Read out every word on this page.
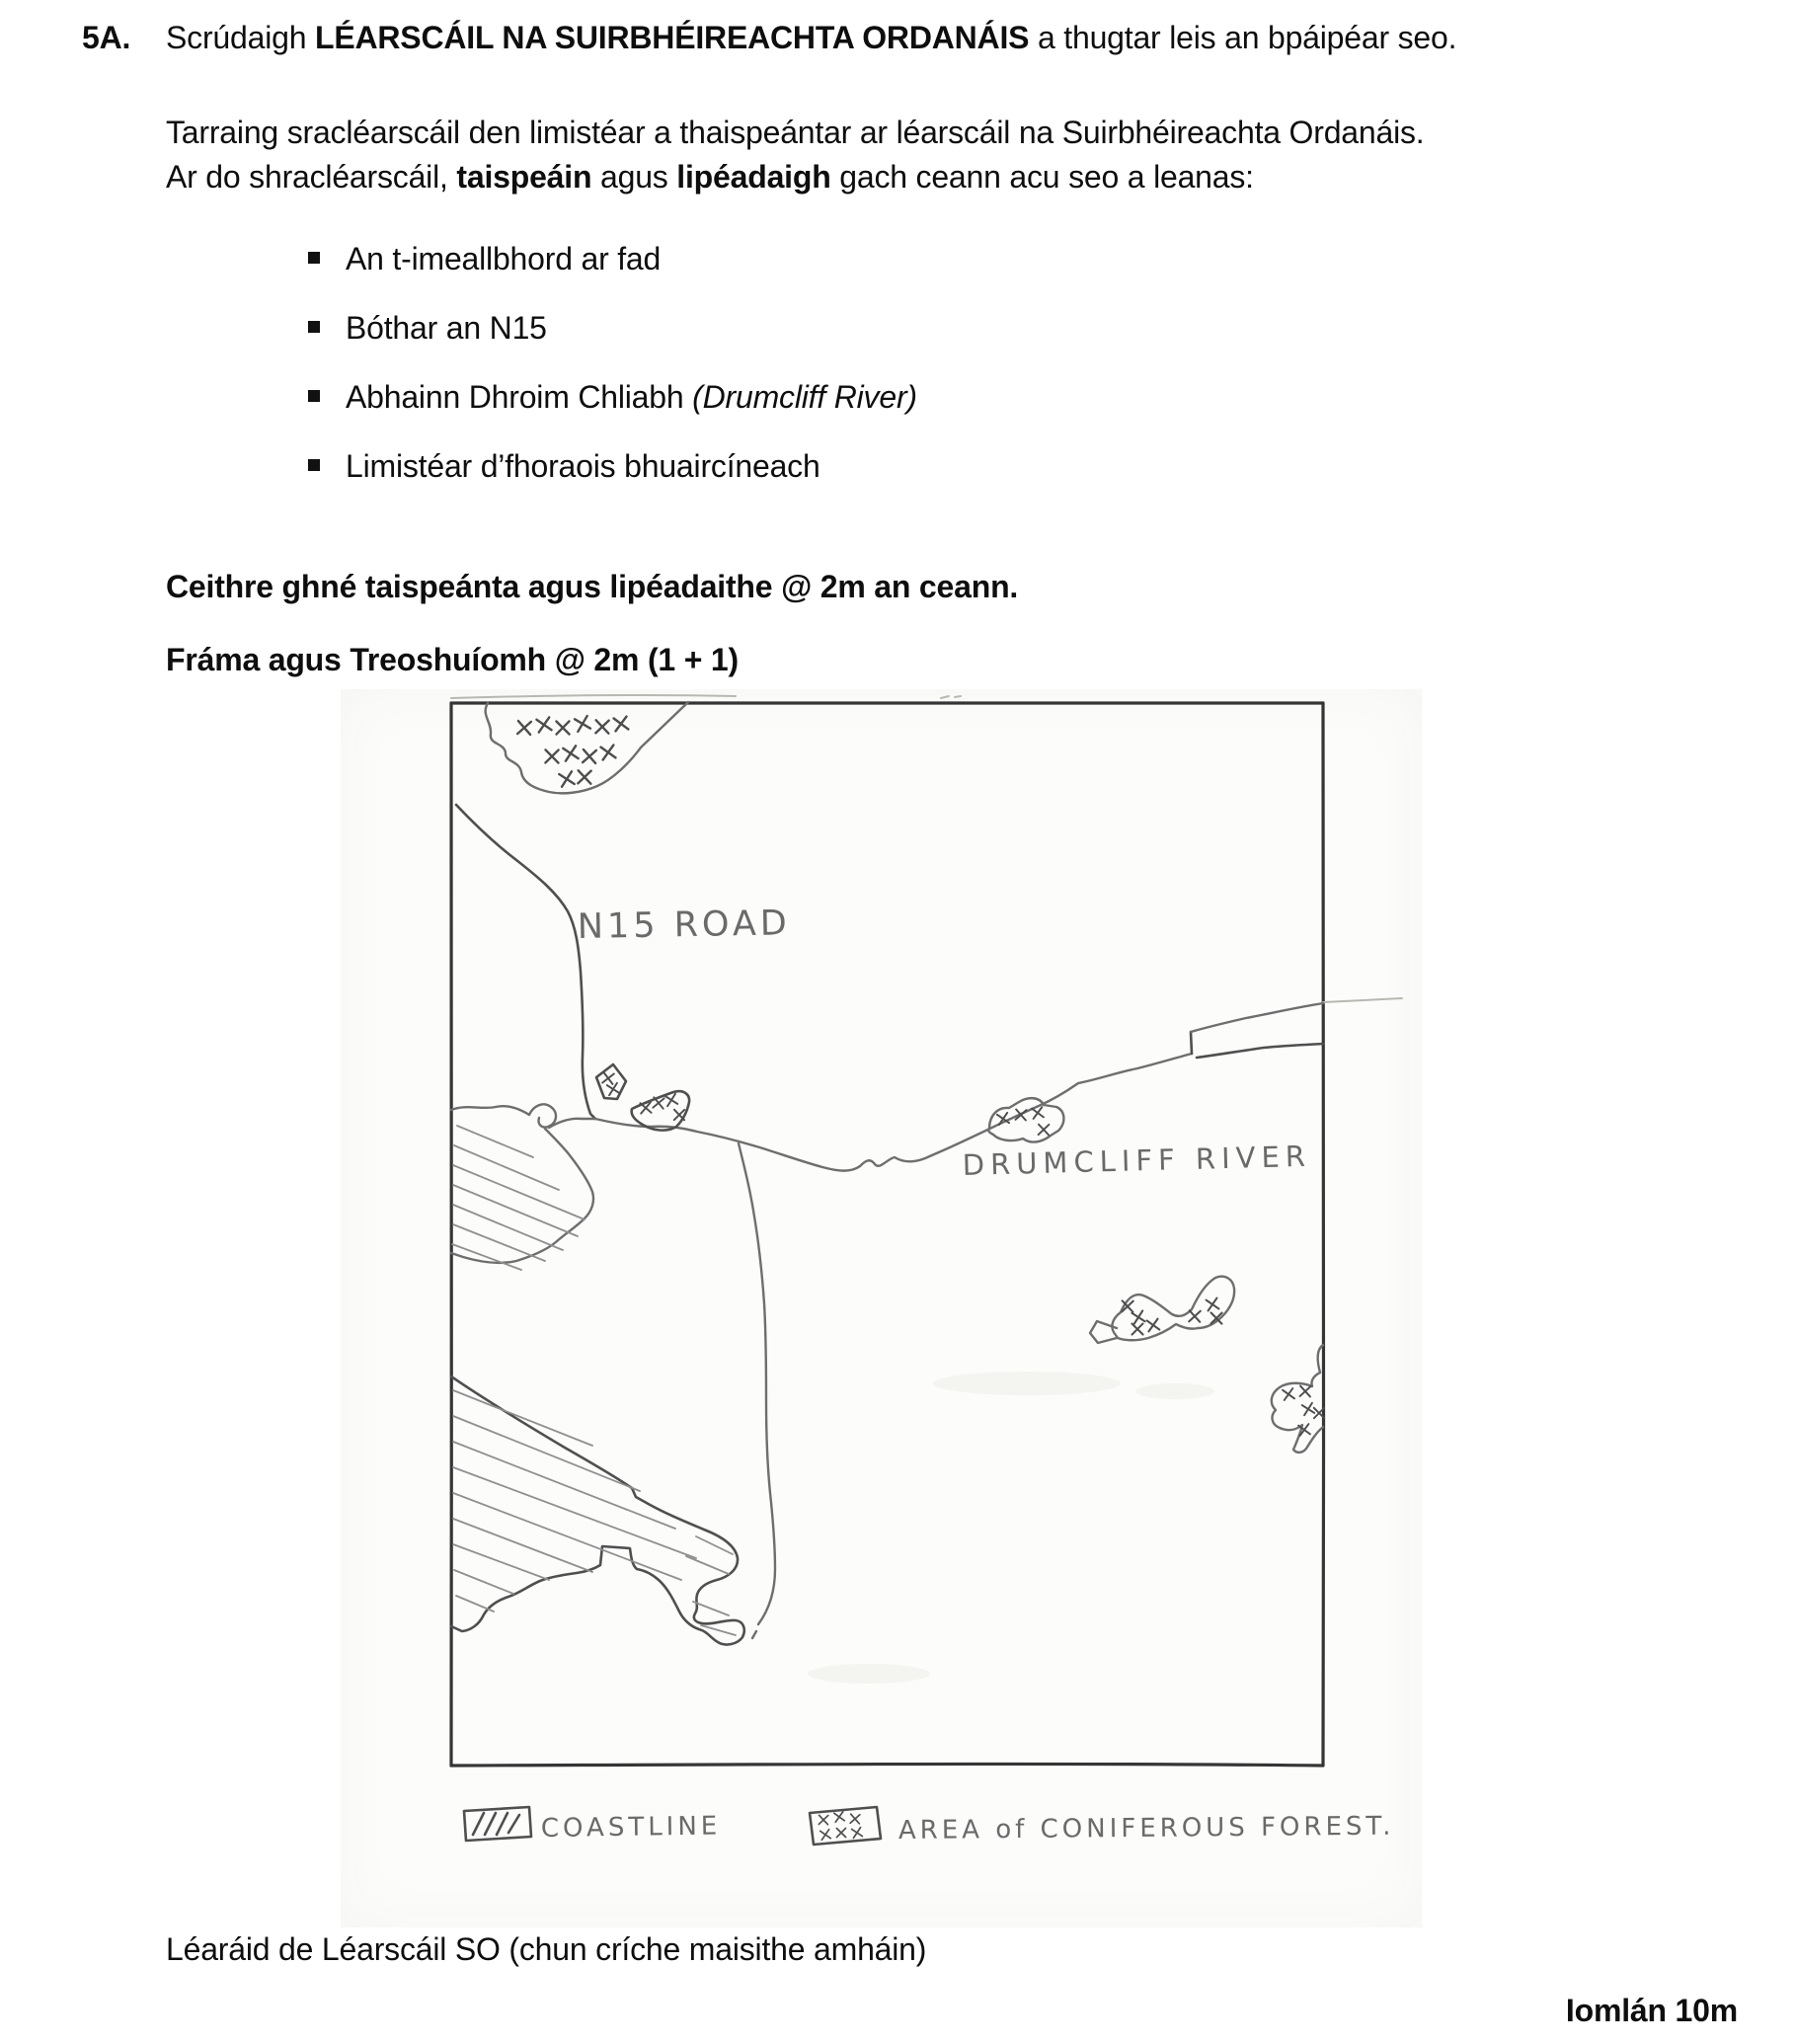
5A. Scrúdaigh LÉARSCÁIL NA SUIRBHÉIREACHTA ORDANÁIS a thugtar leis an bpáipéar seo.
Tarraing sracléarscáil den limistéar a thaispeántar ar léarscáil na Suirbhéireachta Ordanáis.
Ar do shracléarscáil, taispeáin agus lipéadaigh gach ceann acu seo a leanas:
An t-imeallbhord ar fad
Bóthar an N15
Abhainn Dhroim Chliabh (Drumcliff River)
Limistéar d’fhoraois bhuaircíneach
Ceithre ghné taispeánta agus lipéadaithe @ 2m an ceann.
Fráma agus Treoshuíomh @ 2m (1 + 1)
N15 ROAD
DRUMCLIFF RIVER
COASTLINE	AREA of CONIFEROUS FOREST.
Léaráid de Léarscáil SO (chun críche maisithe amháin)
Iomlán 10m
